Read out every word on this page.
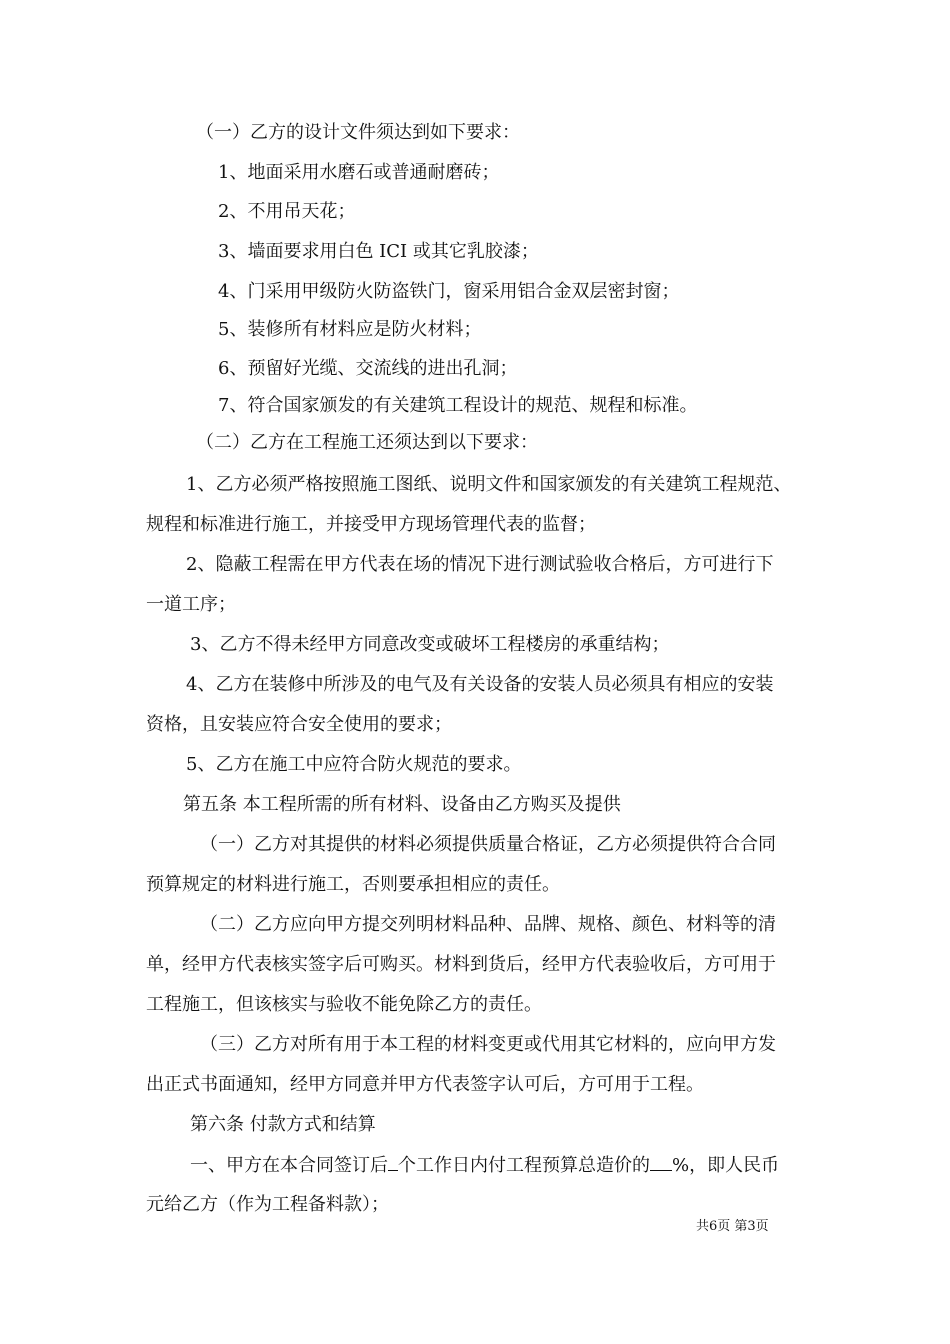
（一）乙方的设计文件须达到如下要求：
1、地面采用水磨石或普通耐磨砖；
2、不用吊天花；
3、墙面要求用白色 ICI 或其它乳胶漆；
4、门采用甲级防火防盗铁门，窗采用铝合金双层密封窗；
5、装修所有材料应是防火材料；
6、预留好光缆、交流线的进出孔洞；
7、符合国家颁发的有关建筑工程设计的规范、规程和标准。
（二）乙方在工程施工还须达到以下要求：
1、乙方必须严格按照施工图纸、说明文件和国家颁发的有关建筑工程规范、
规程和标准进行施工，并接受甲方现场管理代表的监督；
2、隐蔽工程需在甲方代表在场的情况下进行测试验收合格后，方可进行下
一道工序；
3、乙方不得未经甲方同意改变或破坏工程楼房的承重结构；
4、乙方在装修中所涉及的电气及有关设备的安装人员必须具有相应的安装
资格，且安装应符合安全使用的要求；
5、乙方在施工中应符合防火规范的要求。
第五条 本工程所需的所有材料、设备由乙方购买及提供
（一）乙方对其提供的材料必须提供质量合格证，乙方必须提供符合合同
预算规定的材料进行施工，否则要承担相应的责任。
（二）乙方应向甲方提交列明材料品种、品牌、规格、颜色、材料等的清
单，经甲方代表核实签字后可购买。材料到货后，经甲方代表验收后，方可用于
工程施工，但该核实与验收不能免除乙方的责任。
（三）乙方对所有用于本工程的材料变更或代用其它材料的，应向甲方发
出正式书面通知，经甲方同意并甲方代表签字认可后，方可用于工程。
第六条 付款方式和结算
一、甲方在本合同签订后 个工作日内付工程预算总造价的 %，即人民币
元给乙方（作为工程备料款）；
共6页 第3页
